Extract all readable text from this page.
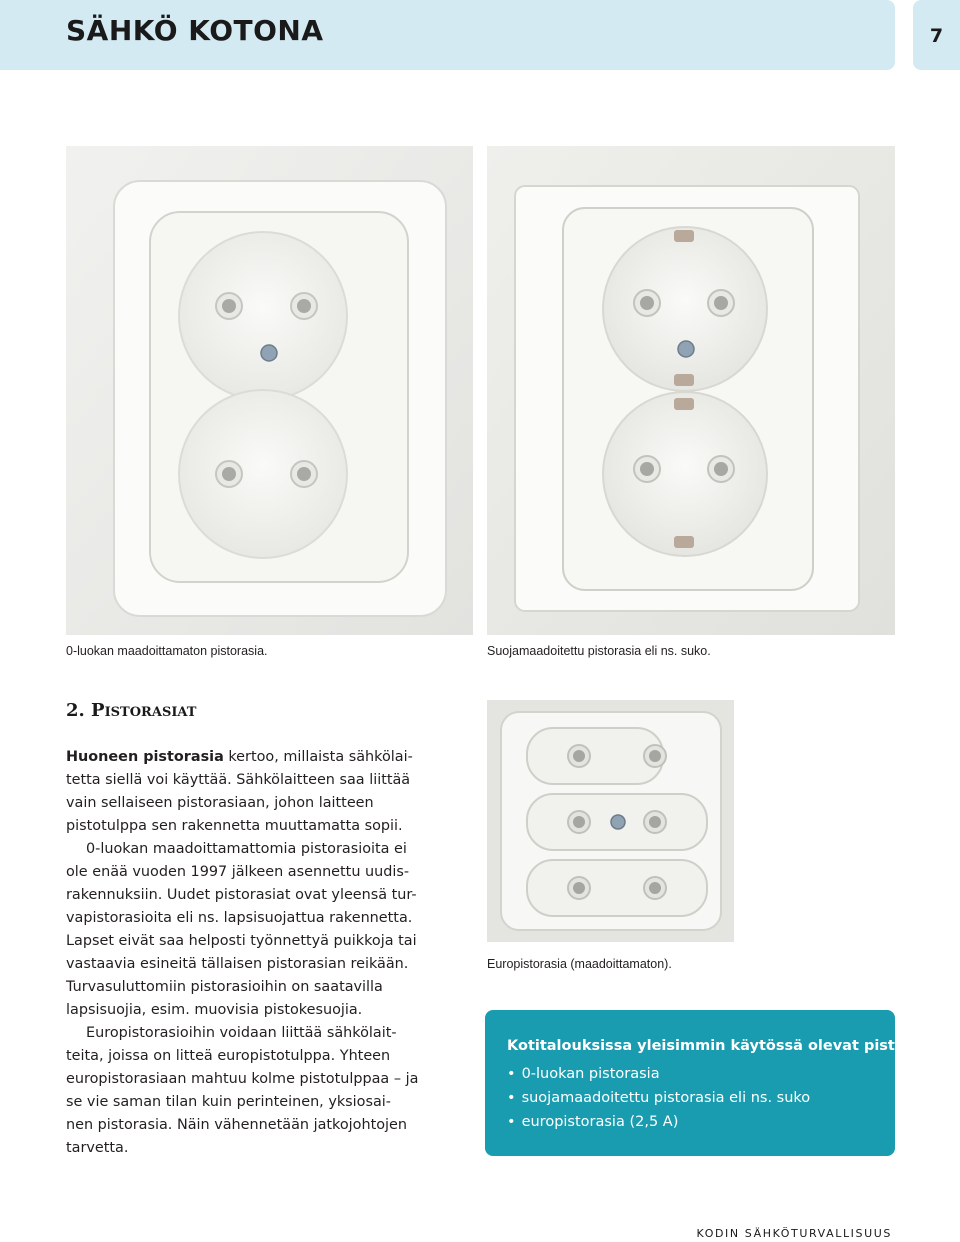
SÄHKÖ KOTONA	7
0-luokan maadoittamaton pistorasia.	Suojamaadoitettu pistorasia eli ns. suko.
Europistorasia (maadoittamaton).
2. Pistorasiat
Huoneen pistorasia kertoo, millaista sähkölai-
tetta siellä voi käyttää. Sähkölaitteen saa liittää
vain sellaiseen pistorasiaan, johon laitteen
pistotulppa sen rakennetta muuttamatta sopii.
0-luokan maadoittamattomia pistorasioita ei
ole enää vuoden 1997 jälkeen asennettu uudis-
rakennuksiin. Uudet pistorasiat ovat yleensä tur-
vapistorasioita eli ns. lapsisuojattua rakennetta.
Lapset eivät saa helposti työnnettyä puikkoja tai
vastaavia esineitä tällaisen pistorasian reikään.
Turvasuluttomiin pistorasioihin on saatavilla
lapsisuojia, esim. muovisia pistokesuojia.
Europistorasioihin voidaan liittää sähkölait-
teita, joissa on litteä europistotulppa. Yhteen
europistorasiaan mahtuu kolme pistotulppaa – ja
se vie saman tilan kuin perinteinen, yksiosai-
nen pistorasia. Näin vähennetään jatkojohtojen
tarvetta.
Kotitalouksissa yleisimmin käytössä olevat pistorasiat:
• 0-luokan pistorasia
• suojamaadoitettu pistorasia eli ns. suko
• europistorasia (2,5 A)
KODIN SÄHKÖTURVALLISUUS
